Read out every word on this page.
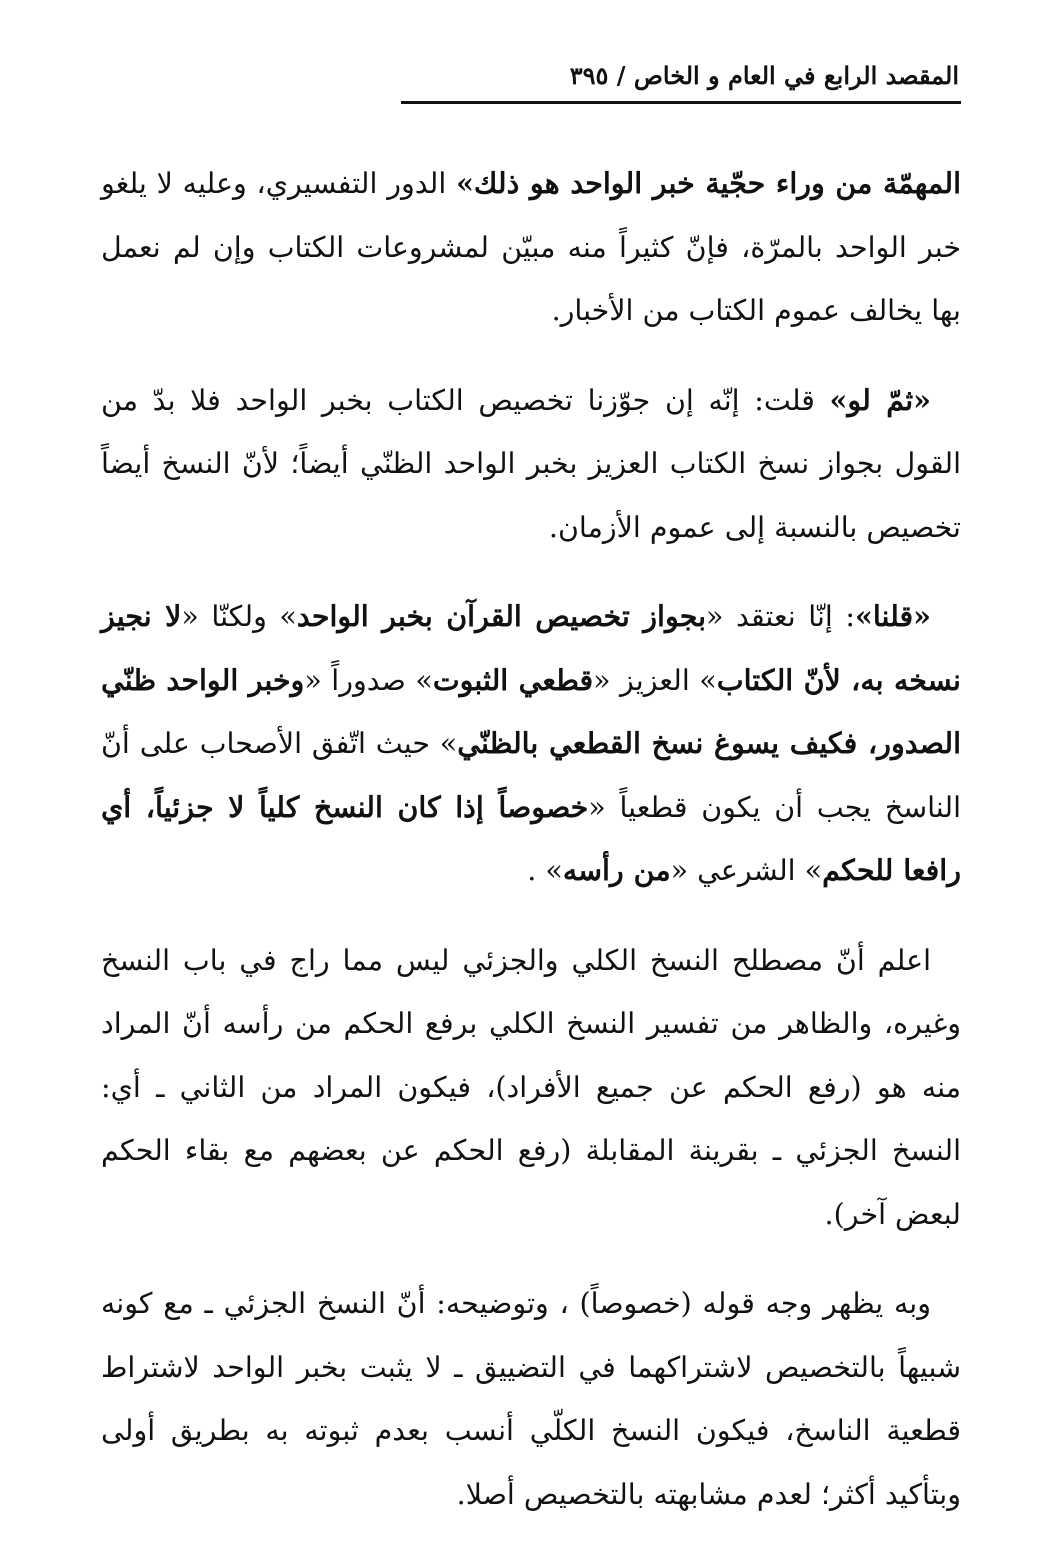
المقصد الرابع في العام و الخاص / ٣٩٥

المهمّة من وراء حجّية خبر الواحد هو ذلك» الدور التفسيري، وعليه لا يلغو خبر الواحد بالمرّة، فإنّ كثيراً منه مبيّن لمشروعات الكتاب وإن لم نعمل بها يخالف عموم الكتاب من الأخبار.

«ثمّ لو» قلت: إنّه إن جوّزنا تخصيص الكتاب بخبر الواحد فلا بدّ من القول بجواز نسخ الكتاب العزيز بخبر الواحد الظنّي أيضاً؛ لأنّ النسخ أيضاً تخصيص بالنسبة إلى عموم الأزمان.

«قلنا»: إنّا نعتقد «بجواز تخصيص القرآن بخبر الواحد» ولكنّا «لا نجيز نسخه به، لأنّ الكتاب» العزيز «قطعي الثبوت» صدوراً «وخبر الواحد ظنّي الصدور، فكيف يسوغ نسخ القطعي بالظنّي» حيث اتّفق الأصحاب على أنّ الناسخ يجب أن يكون قطعياً «خصوصاً إذا كان النسخ كلياً لا جزئياً، أي رافعا للحكم» الشرعي «من رأسه» .

اعلم أنّ مصطلح النسخ الكلي والجزئي ليس مما راج في باب النسخ وغيره، والظاهر من تفسير النسخ الكلي برفع الحكم من رأسه أنّ المراد منه هو (رفع الحكم عن جميع الأفراد)، فيكون المراد من الثاني ـ أي: النسخ الجزئي ـ بقرينة المقابلة (رفع الحكم عن بعضهم مع بقاء الحكم لبعض آخر).

وبه يظهر وجه قوله (خصوصاً) ، وتوضيحه: أنّ النسخ الجزئي ـ مع كونه شبيهاً بالتخصيص لاشتراكهما في التضييق ـ لا يثبت بخبر الواحد لاشتراط قطعية الناسخ، فيكون النسخ الكلّي أنسب بعدم ثبوته به بطريق أولى وبتأكيد أكثر؛ لعدم مشابهته بالتخصيص أصلا.
